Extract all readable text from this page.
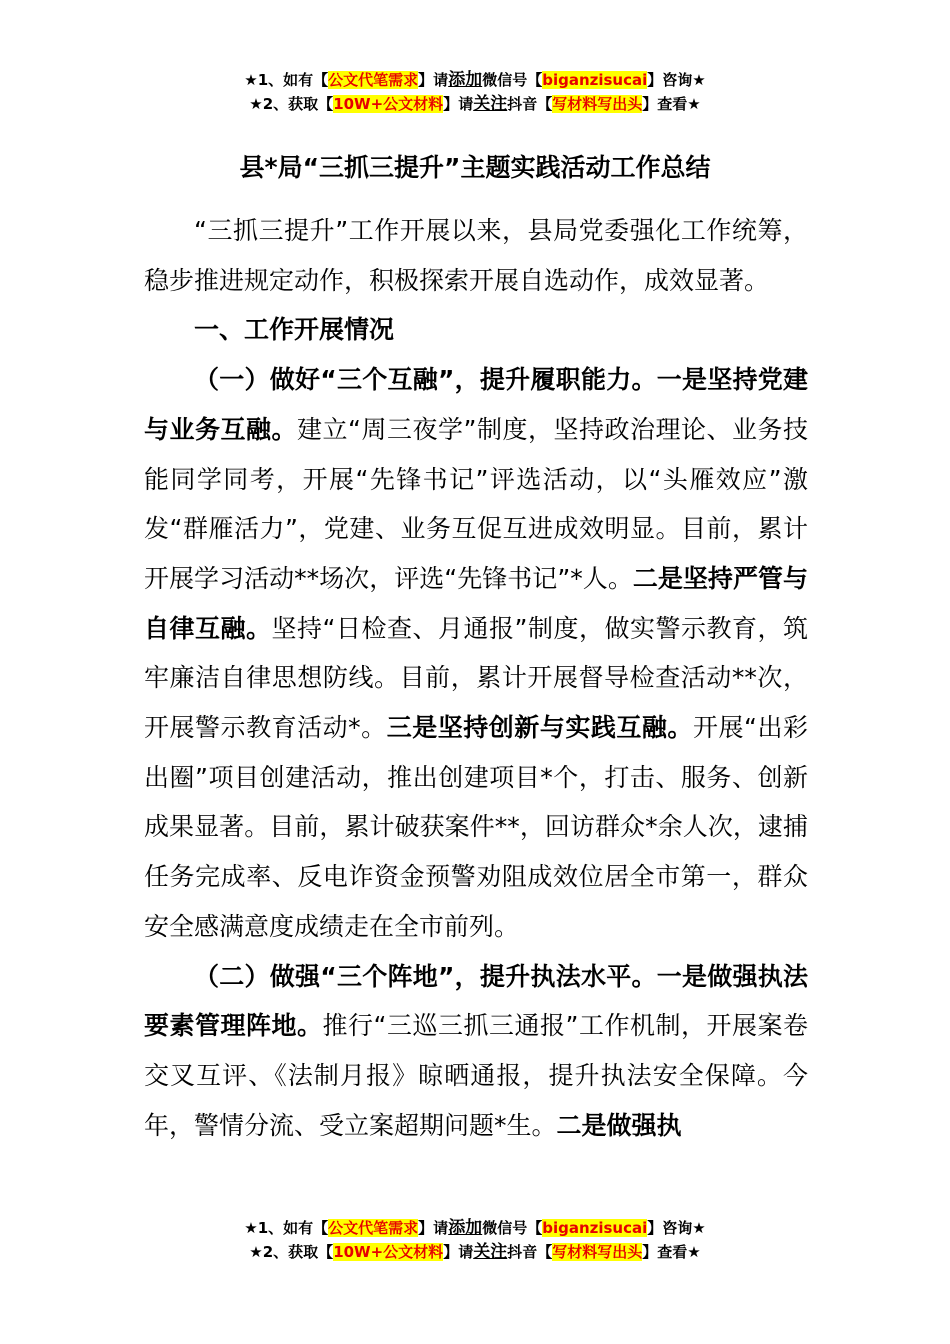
★1、如有【公文代笔需求】请添加微信号【biganzisucai】咨询★
★2、获取【10W+公文材料】请关注抖音【写材料写出头】查看★
县*局“三抓三提升”主题实践活动工作总结

“三抓三提升”工作开展以来，县局党委强化工作统筹，稳步推进规定动作，积极探索开展自选动作，成效显著。

一、工作开展情况

（一）做好“三个互融”，提升履职能力。一是坚持党建与业务互融。建立“周三夜学”制度，坚持政治理论、业务技能同学同考，开展“先锋书记”评选活动，以“头雁效应”激发“群雁活力”，党建、业务互促互进成效明显。目前，累计开展学习活动**场次，评选“先锋书记”*人。二是坚持严管与自律互融。坚持“日检查、月通报”制度，做实警示教育，筑牢廉洁自律思想防线。目前，累计开展督导检查活动**次，开展警示教育活动*。三是坚持创新与实践互融。开展“出彩出圈”项目创建活动，推出创建项目*个，打击、服务、创新成果显著。目前，累计破获案件**，回访群众*余人次，逮捕任务完成率、反电诈资金预警劝阻成效位居全市第一，群众安全感满意度成绩走在全市前列。

（二）做强“三个阵地”，提升执法水平。一是做强执法要素管理阵地。推行“三巡三抓三通报”工作机制，开展案卷交叉互评、《法制月报》晾晒通报，提升执法安全保障。今年，警情分流、受立案超期问题*生。二是做强执

★1、如有【公文代笔需求】请添加微信号【biganzisucai】咨询★
★2、获取【10W+公文材料】请关注抖音【写材料写出头】查看★
